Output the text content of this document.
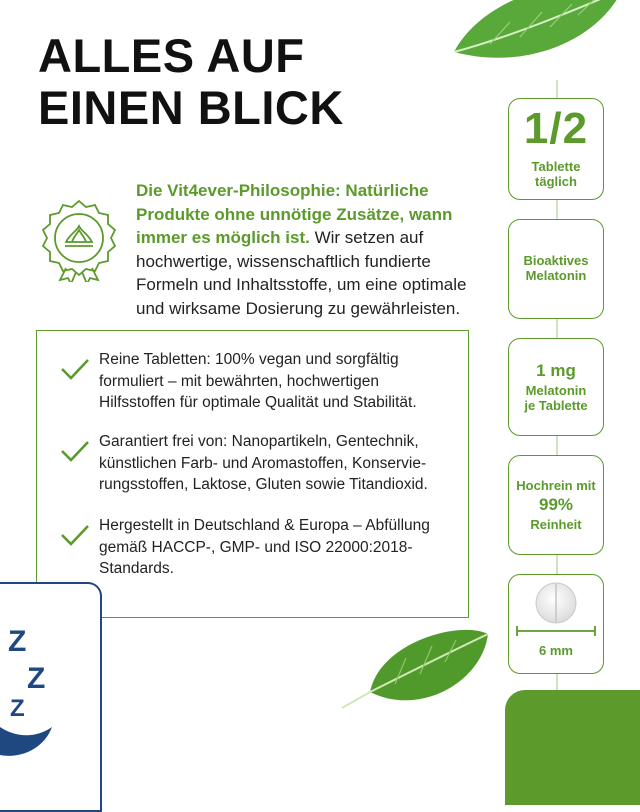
ALLES AUF
EINEN BLICK
Die Vit4ever-Philosophie: Natürliche Produkte ohne unnötige Zusätze, wann immer es möglich ist. Wir setzen auf hochwertige, wissenschaftlich fundierte Formeln und Inhaltsstoffe, um eine optimale und wirksame Dosierung zu gewährleisten.
Reine Tabletten: 100% vegan und sorgfältig formuliert – mit bewährten, hochwertigen Hilfsstoffen für optimale Qualität und Stabilität.
Garantiert frei von: Nanopartikeln, Gentechnik, künstlichen Farb- und Aromastoffen, Konservie-rungsstoffen, Laktose, Gluten sowie Titandioxid.
Hergestellt in Deutschland & Europa – Abfüllung gemäß HACCP-, GMP- und ISO 22000:2018-Standards.
Z
Z
Z
1/2
Tablette
täglich
Bioaktives
Melatonin
1 mg
Melatonin
je Tablette
Hochrein mit
99%
Reinheit
6 mm
